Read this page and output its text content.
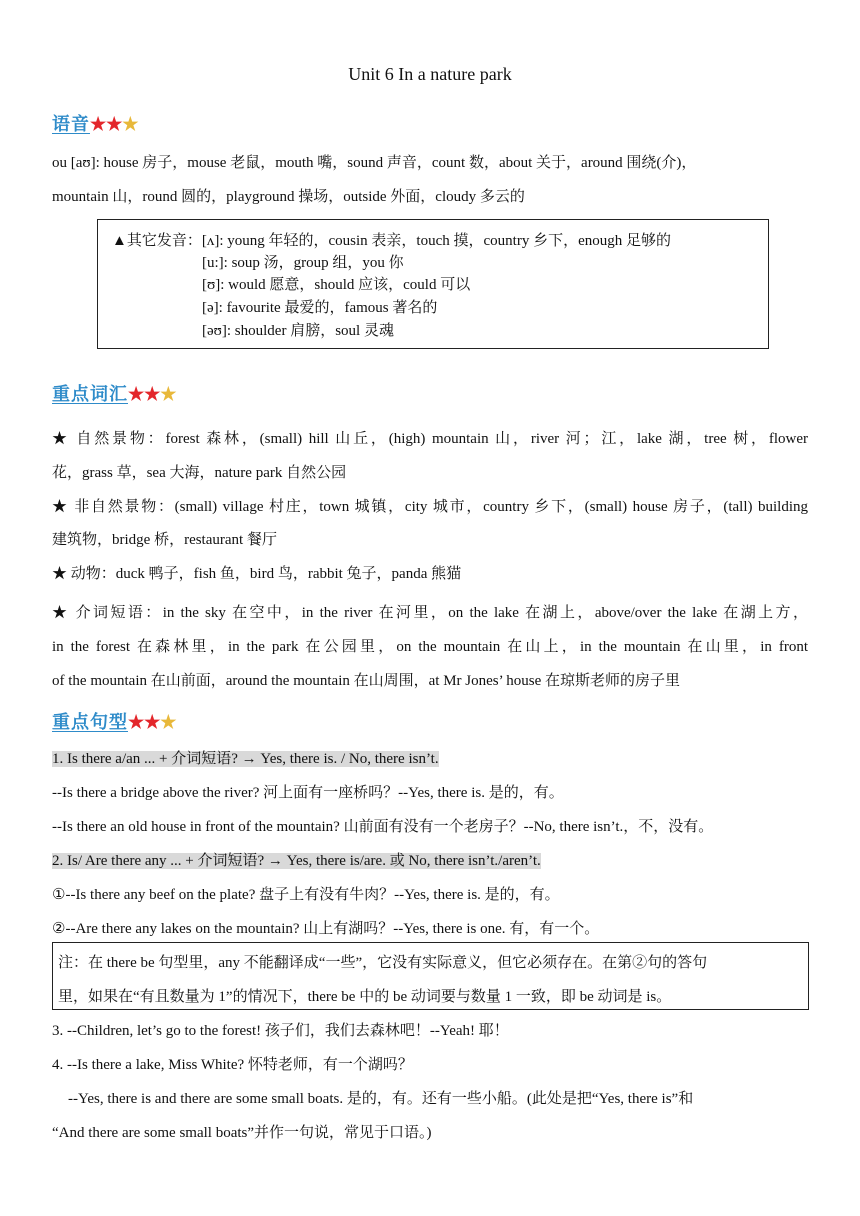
Unit 6 In a nature park
语音★★★
ou [aʊ]: house 房子，mouse 老鼠，mouth 嘴，sound 声音，count 数，about 关于，around 围绕(介)，
mountain 山，round 圆的，playground 操场，outside 外面，cloudy 多云的
▲其它发音：[ʌ]: young 年轻的，cousin 表亲，touch 摸，country 乡下，enough 足够的
[u:]: soup 汤，group 组，you 你
[ʊ]: would 愿意，should 应该，could 可以
[ə]: favourite 最爱的，famous 著名的
[əʊ]: shoulder 肩膀，soul 灵魂
重点词汇★★★
★ 自然景物：forest 森林，(small) hill 山丘，(high) mountain 山，river 河；江，lake 湖，tree 树，flower
花，grass 草，sea 大海，nature park 自然公园
★ 非自然景物：(small) village 村庄，town 城镇，city 城市，country 乡下，(small) house 房子，(tall) building
建筑物，bridge 桥，restaurant 餐厅
★ 动物：duck 鸭子，fish 鱼，bird 鸟，rabbit 兔子，panda 熊猫
★ 介词短语：in the sky 在空中，in the river 在河里，on the lake 在湖上，above/over the lake 在湖上方，
in the forest 在森林里，in the park 在公园里，on the mountain 在山上，in the mountain 在山里，in front
of the mountain 在山前面，around the mountain 在山周围，at Mr Jones’ house 在琼斯老师的房子里
重点句型★★★
1. Is there a/an ... + 介词短语? → Yes, there is. / No, there isn’t.
--Is there a bridge above the river? 河上面有一座桥吗？--Yes, there is. 是的，有。
--Is there an old house in front of the mountain? 山前面有没有一个老房子？--No, there isn’t.，不，没有。
2. Is/ Are there any ... + 介词短语? → Yes, there is/are. 或 No, there isn’t./aren’t.
①--Is there any beef on the plate? 盘子上有没有牛肉？--Yes, there is. 是的，有。
②--Are there any lakes on the mountain? 山上有湖吗？--Yes, there is one. 有，有一个。
注：在 there be 句型里，any 不能翻译成“一些”，它没有实际意义，但它必须存在。在第②句的答句
里，如果在“有且数量为 1”的情况下，there be 中的 be 动词要与数量 1 一致，即 be 动词是 is。
3. --Children, let’s go to the forest! 孩子们，我们去森林吧！--Yeah! 耶！
4. --Is there a lake, Miss White? 怀特老师，有一个湖吗？
--Yes, there is and there are some small boats. 是的，有。还有一些小船。(此处是把“Yes, there is”和
“And there are some small boats”并作一句说，常见于口语。)
